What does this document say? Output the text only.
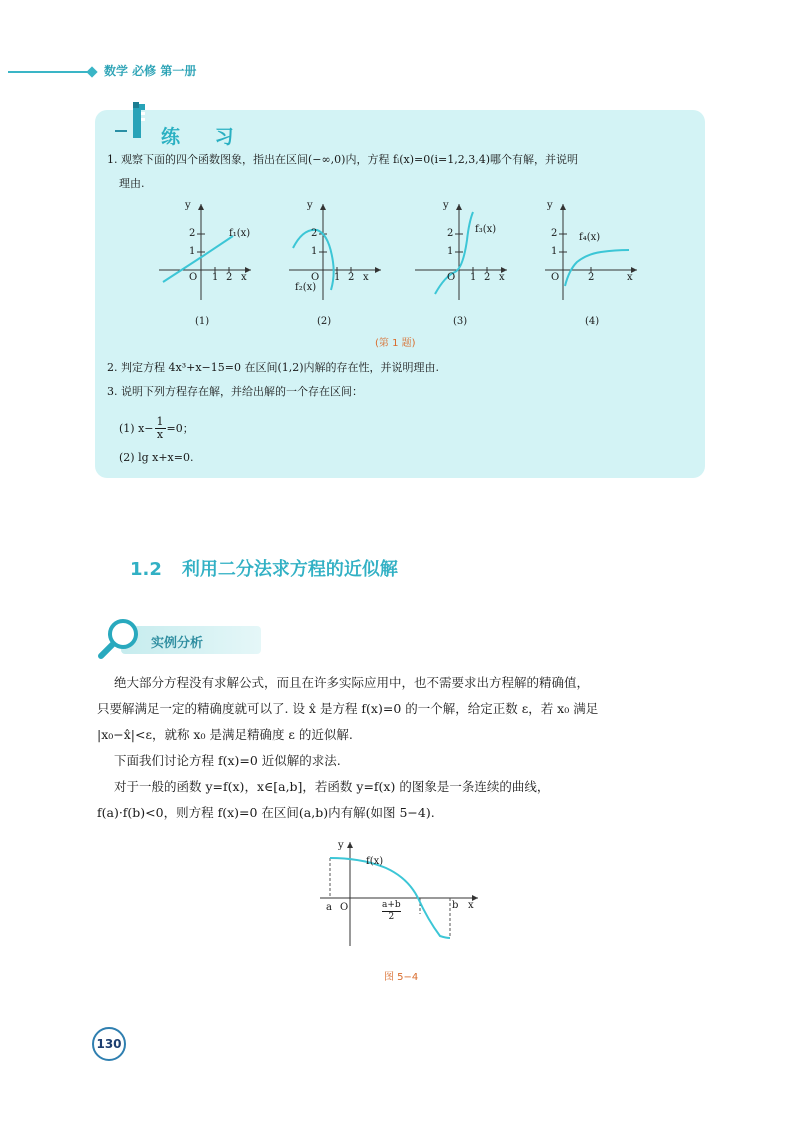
数学 必修 第一册
练 习
1. 观察下面的四个函数图象，指出在区间(−∞,0)内，方程 fᵢ(x)=0(i=1,2,3,4)哪个有解，并说明
理由.
y
2
1
O 1 2 x
f₁(x)
(1)
y
2
1
O 1 2 x
f₂(x)
(2)
y
2
1
O 1 2 x
f₃(x)
(3)
y
2
1
O	2	x
f₄(x)
(4)
(第 1 题)
2. 判定方程 4x³+x−15=0 在区间(1,2)内解的存在性，并说明理由.
3. 说明下列方程存在解，并给出解的一个存在区间：
(1) $x- \frac{1}{x} =0$；
(2) lg x+x=0.
1.2 利用二分法求方程的近似解
实例分析
绝大部分方程没有求解公式，而且在许多实际应用中，也不需要求出方程解的精确值，
只要解满足一定的精确度就可以了. 设 x̂ 是方程 f(x)=0 的一个解，给定正数 ε，若 x₀ 满足
|x₀−x̂|<ε，就称 x₀ 是满足精确度 ε 的近似解.
下面我们讨论方程 f(x)=0 近似解的求法.
对于一般的函数 y=f(x)，x∈[a,b]，若函数 y=f(x) 的图象是一条连续的曲线，
f(a)·f(b)<0，则方程 f(x)=0 在区间(a,b)内有解(如图 5−4).
y
f(x)
a O	$\frac{a+b}{2}$	b x
图 5−4
130
